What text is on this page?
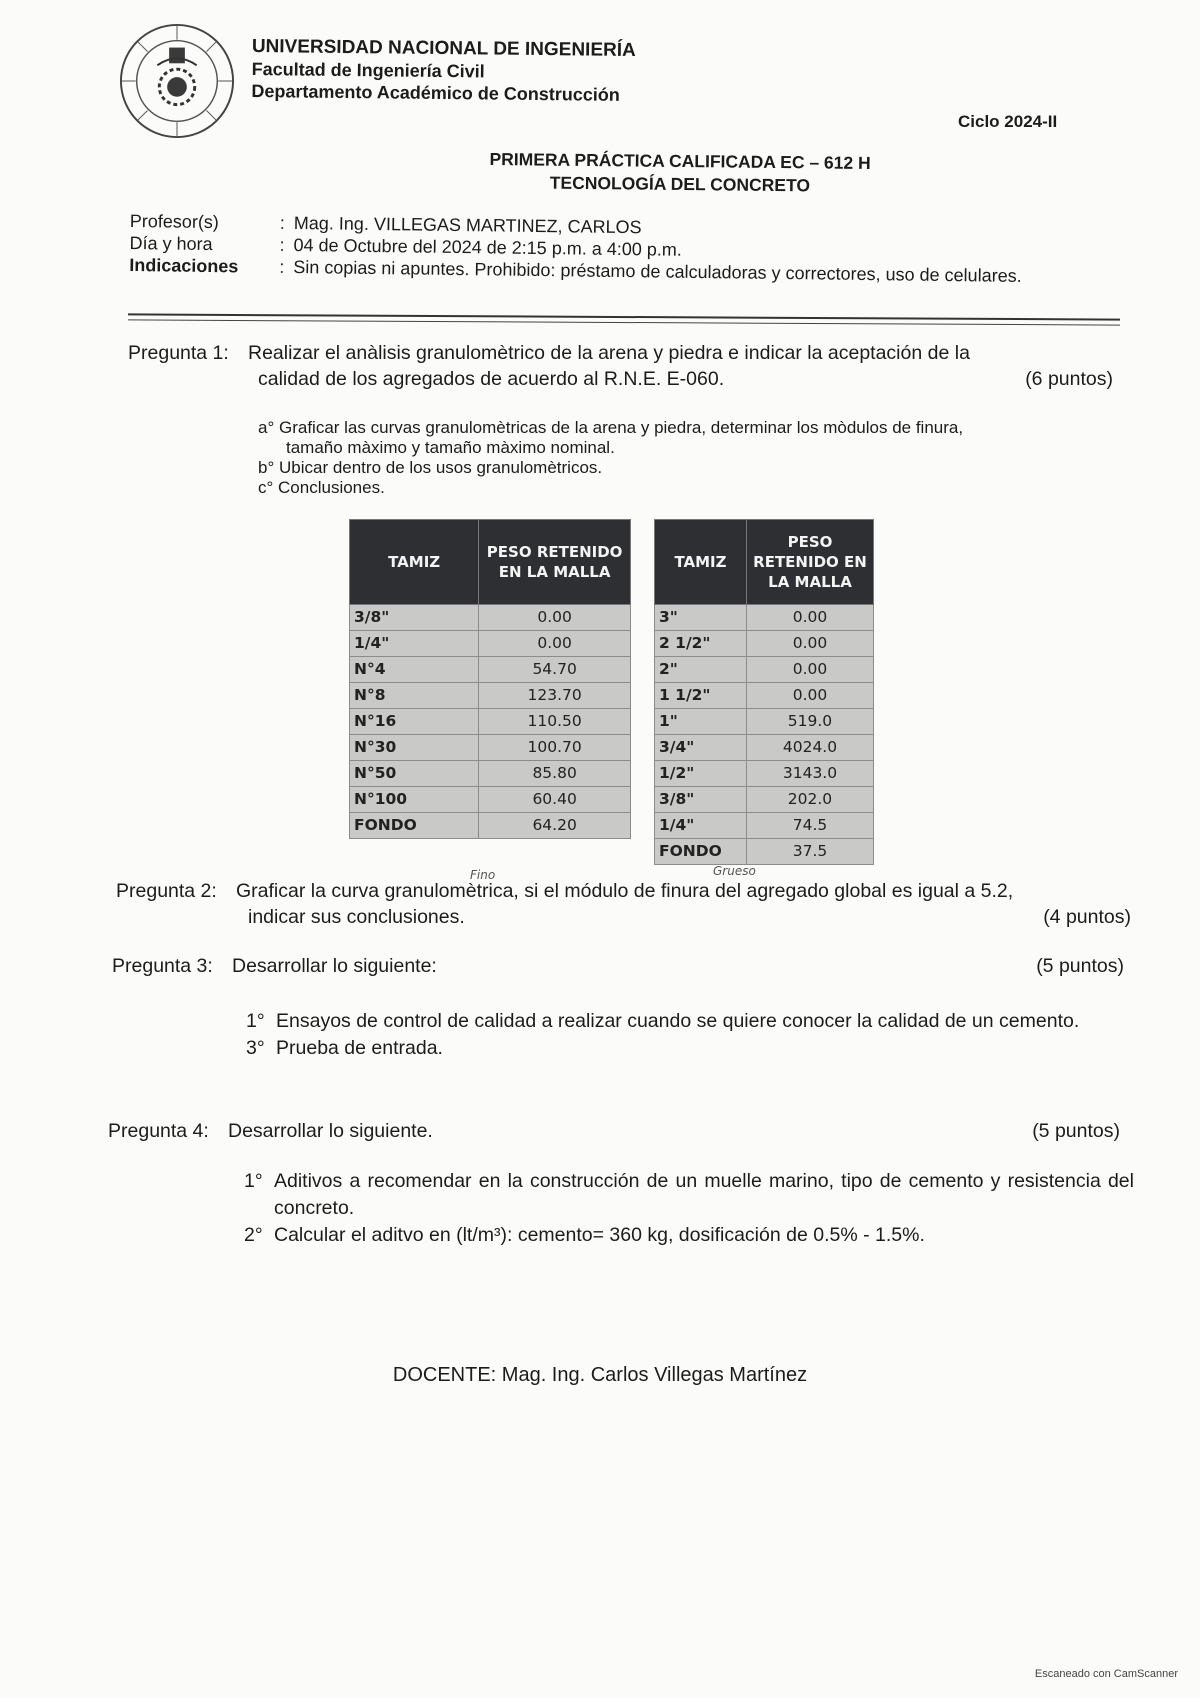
UNIVERSIDAD NACIONAL DE INGENIERÍA
Facultad de Ingeniería Civil
Departamento Académico de Construcción
Ciclo 2024-II
PRIMERA PRÁCTICA CALIFICADA EC – 612 H
TECNOLOGÍA DEL CONCRETO
Profesor(s)	: Mag. Ing. VILLEGAS MARTINEZ, CARLOS
Día y hora	: 04 de Octubre del 2024 de 2:15 p.m. a 4:00 p.m.
Indicaciones	: Sin copias ni apuntes. Prohibido: préstamo de calculadoras y correctores, uso de celulares.
Pregunta 1: Realizar el anàlisis granulomètrico de la arena y piedra e indicar la aceptación de la
calidad de los agregados de acuerdo al R.N.E. E-060.	(6 puntos)
a° Graficar las curvas granulomètricas de la arena y piedra, determinar los mòdulos de finura,
tamaño màximo y tamaño màximo nominal.
b° Ubicar dentro de los usos granulomètricos.
c° Conclusiones.
TAMIZ	PESO RETENIDO EN LA MALLA
3/8"	0.00
1/4"	0.00
N°4	54.70
N°8	123.70
N°16	110.50
N°30	100.70
N°50	85.80
N°100	60.40
FONDO	64.20
TAMIZ	PESO RETENIDO EN LA MALLA
3"	0.00
2 1/2"	0.00
2"	0.00
1 1/2"	0.00
1"	519.0
3/4"	4024.0
1/2"	3143.0
3/8"	202.0
1/4"	74.5
FONDO	37.5
Fino	Grueso
Pregunta 2: Graficar la curva granulomètrica, si el módulo de finura del agregado global es igual a 5.2,
indicar sus conclusiones.	(4 puntos)
Pregunta 3: Desarrollar lo siguiente:	(5 puntos)
1° Ensayos de control de calidad a realizar cuando se quiere conocer la calidad de un cemento.
3° Prueba de entrada.
Pregunta 4: Desarrollar lo siguiente.	(5 puntos)
1° Aditivos a recomendar en la construcción de un muelle marino, tipo de cemento y resistencia del concreto.
2° Calcular el aditvo en (lt/m³): cemento= 360 kg, dosificación de 0.5% - 1.5%.
DOCENTE: Mag. Ing. Carlos Villegas Martínez
Escaneado con CamScanner
